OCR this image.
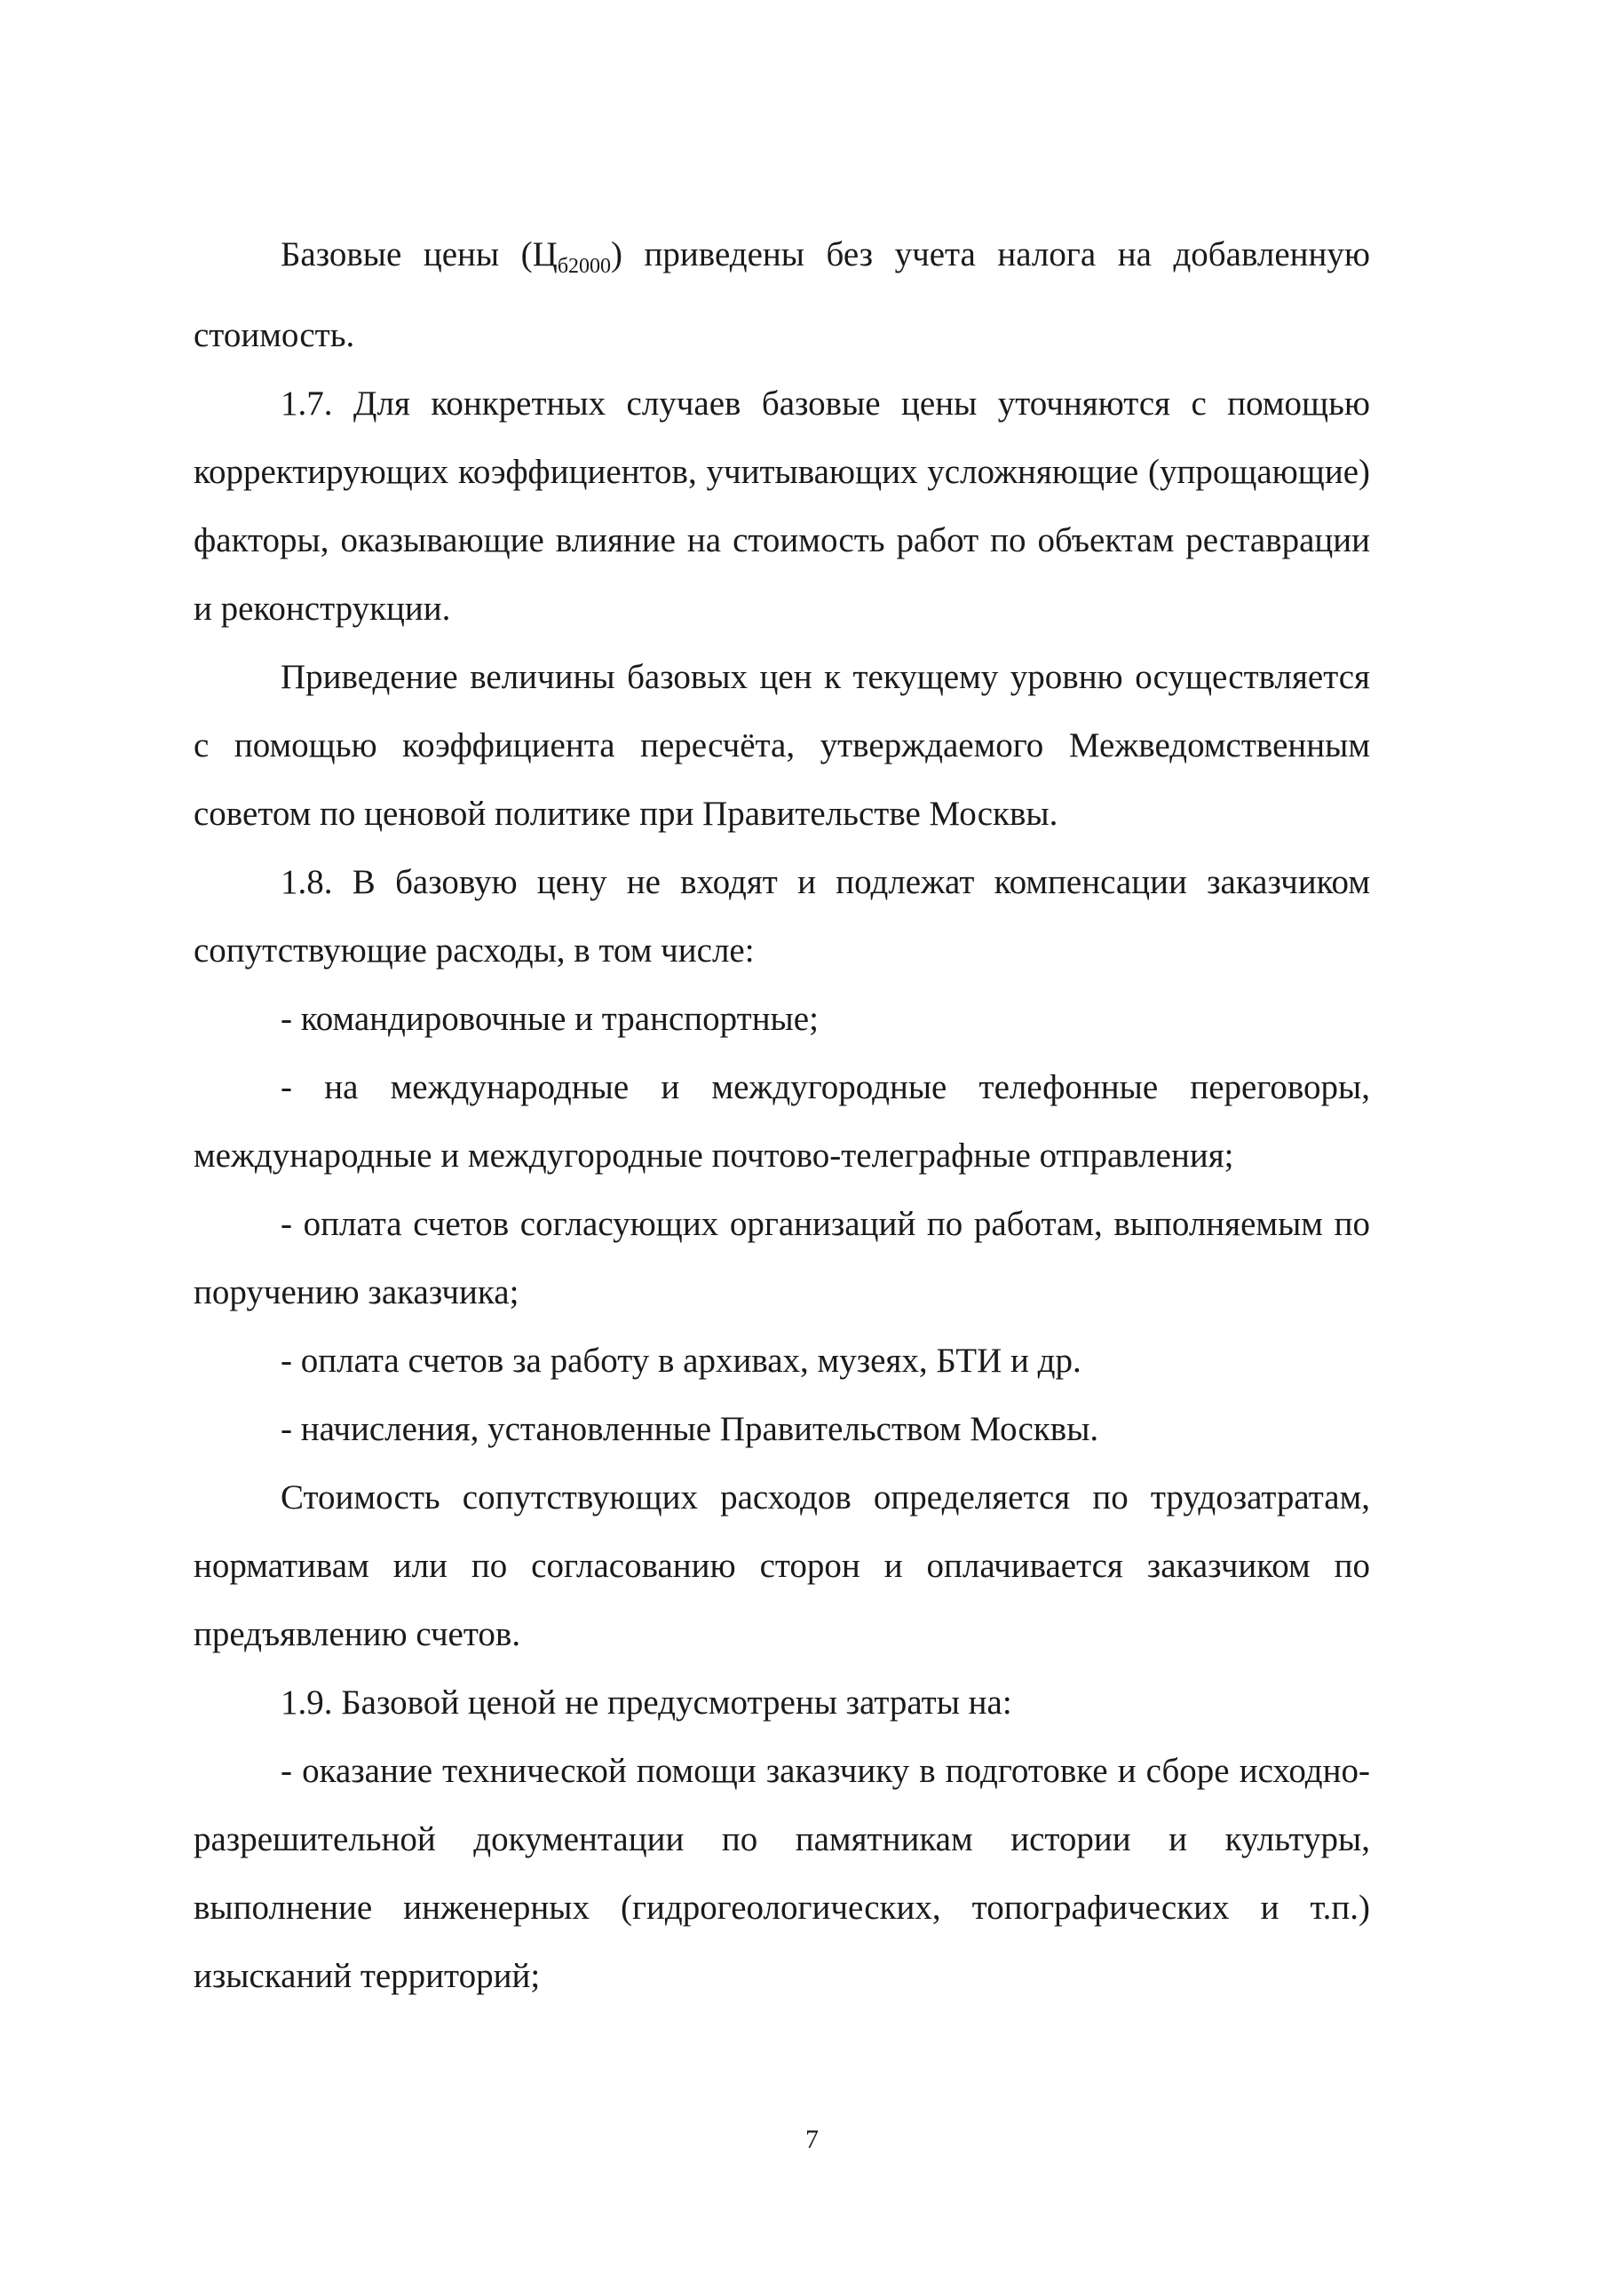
Базовые цены $(Ц_{б2000})$ приведены без учета налога на добавленную стоимость.

1.7. Для конкретных случаев базовые цены уточняются с помощью корректирующих коэффициентов, учитывающих усложняющие (упрощающие) факторы, оказывающие влияние на стоимость работ по объектам реставрации и реконструкции.

Приведение величины базовых цен к текущему уровню осуществляется с помощью коэффициента пересчёта, утверждаемого Межведомственным советом по ценовой политике при Правительстве Москвы.

1.8. В базовую цену не входят и подлежат компенсации заказчиком сопутствующие расходы, в том числе:

- командировочные и транспортные;

- на международные и междугородные телефонные переговоры, международные и междугородные почтово-телеграфные отправления;

- оплата счетов согласующих организаций по работам, выполняемым по поручению заказчика;

- оплата счетов за работу в архивах, музеях, БТИ и др.

- начисления, установленные Правительством Москвы.

Стоимость сопутствующих расходов определяется по трудозатратам, нормативам или по согласованию сторон и оплачивается заказчиком по предъявлению счетов.

1.9. Базовой ценой не предусмотрены затраты на:

- оказание технической помощи заказчику в подготовке и сборе исходно-разрешительной документации по памятникам истории и культуры, выполнение инженерных (гидрогеологических, топографических и т.п.) изысканий территорий;

7
